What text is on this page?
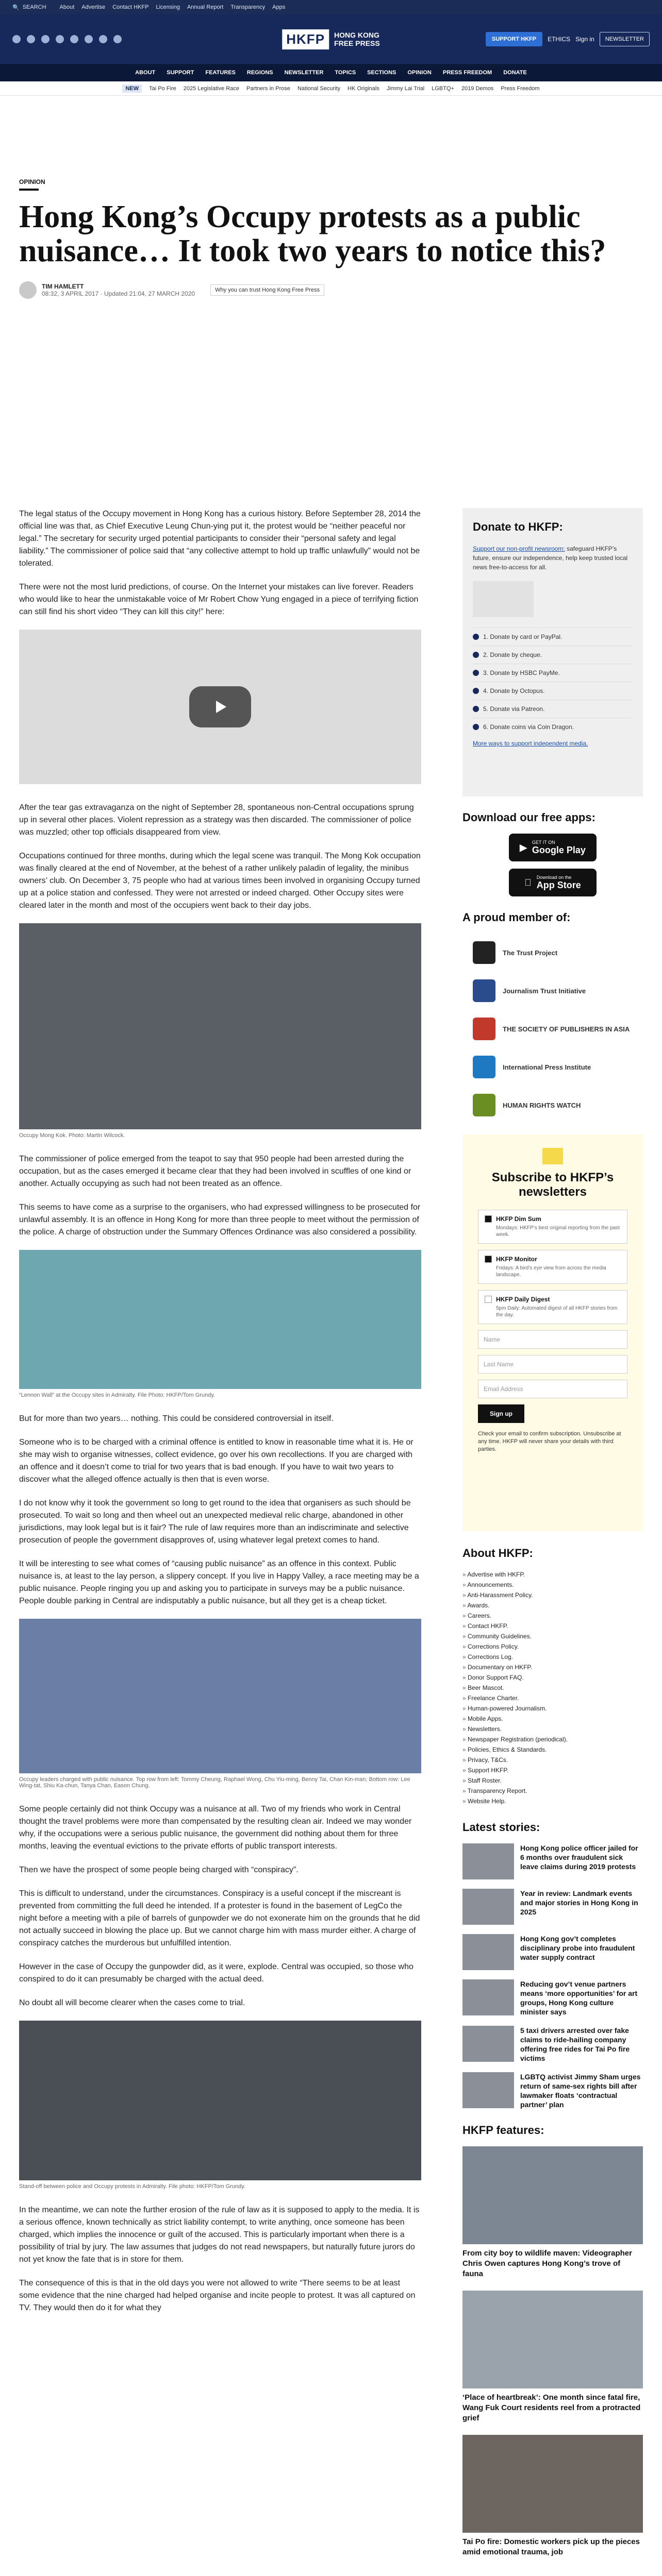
🔍 SEARCH About Advertise Contact HKFP Licensing Annual Report Transparency Apps
HKFP	HONG KONG
FREE PRESS	SUPPORT HKFP	ETHICS Sign in	NEWSLETTER
ABOUT SUPPORT FEATURES REGIONS NEWSLETTER TOPICS SECTIONS OPINION PRESS FREEDOM DONATE
NEW	Tai Po Fire 2025 Legislative Race Partners in Prose National Security HK Originals Jimmy Lai Trial LGBTQ+ 2019 Demos Press Freedom
OPINION
Hong Kong’s Occupy protests as a public nuisance… It took two years to notice this?
TIM HAMLETT
08:32, 3 APRIL 2017 · Updated 21:04, 27 MARCH 2020	Why you can trust Hong Kong Free Press

The legal status of the Occupy movement in Hong Kong has a curious history. Before September 28, 2014 the official line was that, as Chief Executive Leung Chun-ying put it, the protest would be “neither peaceful nor legal.” The secretary for security urged potential participants to consider their “personal safety and legal liability.” The commissioner of police said that “any collective attempt to hold up traffic unlawfully” would not be tolerated.

There were not the most lurid predictions, of course. On the Internet your mistakes can live forever. Readers who would like to hear the unmistakable voice of Mr Robert Chow Yung engaged in a piece of terrifying fiction can still find his short video “They can kill this city!” here:

After the tear gas extravaganza on the night of September 28, spontaneous non-Central occupations sprung up in several other places. Violent repression as a strategy was then discarded. The commissioner of police was muzzled; other top officials disappeared from view.

Occupations continued for three months, during which the legal scene was tranquil. The Mong Kok occupation was finally cleared at the end of November, at the behest of a rather unlikely paladin of legality, the minibus owners’ club. On December 3, 75 people who had at various times been involved in organising Occupy turned up at a police station and confessed. They were not arrested or indeed charged. Other Occupy sites were cleared later in the month and most of the occupiers went back to their day jobs.

Occupy Mong Kok. Photo: Martin Wilcock.

The commissioner of police emerged from the teapot to say that 950 people had been arrested during the occupation, but as the cases emerged it became clear that they had been involved in scuffles of one kind or another. Actually occupying as such had not been treated as an offence.

This seems to have come as a surprise to the organisers, who had expressed willingness to be prosecuted for unlawful assembly. It is an offence in Hong Kong for more than three people to meet without the permission of the police. A charge of obstruction under the Summary Offences Ordinance was also considered a possibility.

“Lennon Wall” at the Occupy sites in Admiralty. File Photo: HKFP/Tom Grundy.

But for more than two years… nothing. This could be considered controversial in itself.

Someone who is to be charged with a criminal offence is entitled to know in reasonable time what it is. He or she may wish to organise witnesses, collect evidence, go over his own recollections. If you are charged with an offence and it doesn’t come to trial for two years that is bad enough. If you have to wait two years to discover what the alleged offence actually is then that is even worse.

I do not know why it took the government so long to get round to the idea that organisers as such should be prosecuted. To wait so long and then wheel out an unexpected medieval relic charge, abandoned in other jurisdictions, may look legal but is it fair? The rule of law requires more than an indiscriminate and selective prosecution of people the government disapproves of, using whatever legal pretext comes to hand.

It will be interesting to see what comes of “causing public nuisance” as an offence in this context. Public nuisance is, at least to the lay person, a slippery concept. If you live in Happy Valley, a race meeting may be a public nuisance. People ringing you up and asking you to participate in surveys may be a public nuisance. People double parking in Central are indisputably a public nuisance, but all they get is a cheap ticket.

Occupy leaders charged with public nuisance. Top row from left: Tommy Cheung, Raphael Wong, Chu Yiu-ming, Benny Tai, Chan Kin-man; Bottom row: Lee Wing-tat, Shiu Ka-chun, Tanya Chan, Eason Chung.

Some people certainly did not think Occupy was a nuisance at all. Two of my friends who work in Central thought the travel problems were more than compensated by the resulting clean air. Indeed we may wonder why, if the occupations were a serious public nuisance, the government did nothing about them for three months, leaving the eventual evictions to the private efforts of public transport interests.

Then we have the prospect of some people being charged with “conspiracy”.

This is difficult to understand, under the circumstances. Conspiracy is a useful concept if the miscreant is prevented from committing the full deed he intended. If a protester is found in the basement of LegCo the night before a meeting with a pile of barrels of gunpowder we do not exonerate him on the grounds that he did not actually succeed in blowing the place up. But we cannot charge him with mass murder either. A charge of conspiracy catches the murderous but unfulfilled intention.

However in the case of Occupy the gunpowder did, as it were, explode. Central was occupied, so those who conspired to do it can presumably be charged with the actual deed.

No doubt all will become clearer when the cases come to trial.

Stand-off between police and Occupy protests in Admiralty. File photo: HKFP/Tom Grundy.

In the meantime, we can note the further erosion of the rule of law as it is supposed to apply to the media. It is a serious offence, known technically as strict liability contempt, to write anything, once someone has been charged, which implies the innocence or guilt of the accused. This is particularly important when there is a possibility of trial by jury. The law assumes that judges do not read newspapers, but naturally future jurors do not yet know the fate that is in store for them.

The consequence of this is that in the old days you were not allowed to write “There seems to be at least some evidence that the nine charged had helped organise and incite people to protest. It was all captured on TV. They would then do it for what they

Donate to HKFP:
Support our non-profit newsroom: safeguard HKFP’s future, ensure our independence, help keep trusted local news free-to-access for all.
1. Donate by card or PayPal.
2. Donate by cheque.
3. Donate by HSBC PayMe.
4. Donate by Octopus.
5. Donate via Patreon.
6. Donate coins via Coin Dragon.
More ways to support independent media.
Download our free apps:
▶ GET IT ON
Google Play
Download on the
App Store
A proud member of:
The Trust Project
Journalism Trust Initiative
THE SOCIETY OF PUBLISHERS IN ASIA
International Press Institute
HUMAN RIGHTS WATCH
Subscribe to HKFP’s newsletters
HKFP Dim Sum
Mondays: HKFP’s best original reporting from the past week.
HKFP Monitor
Fridays: A bird’s eye view from across the media landscape.
HKFP Daily Digest
5pm Daily: Automated digest of all HKFP stories from the day.
Name
Last Name
Email Address
Sign up
Check your email to confirm subscription. Unsubscribe at any time. HKFP will never share your details with third parties.
About HKFP:
» Advertise with HKFP.
» Announcements.
» Anti-Harassment Policy.
» Awards.
» Careers.
» Contact HKFP.
» Community Guidelines.
» Corrections Policy.
» Corrections Log.
» Documentary on HKFP.
» Donor Support FAQ.
» Beer Mascot.
» Freelance Charter.
» Human-powered Journalism.
» Mobile Apps.
» Newsletters.
» Newspaper Registration (periodical).
» Policies, Ethics & Standards.
» Privacy, T&Cs.
» Support HKFP.
» Staff Roster.
» Transparency Report.
» Website Help.
Latest stories:
Hong Kong police officer jailed for 6 months over fraudulent sick leave claims during 2019 protests
Year in review: Landmark events and major stories in Hong Kong in 2025
Hong Kong gov’t completes disciplinary probe into fraudulent water supply contract
Reducing gov’t venue partners means ‘more opportunities’ for art groups, Hong Kong culture minister says
5 taxi drivers arrested over fake claims to ride-hailing company offering free rides for Tai Po fire victims
LGBTQ activist Jimmy Sham urges return of same-sex rights bill after lawmaker floats ‘contractual partner’ plan
HKFP features:
From city boy to wildlife maven: Videographer Chris Owen captures Hong Kong’s trove of fauna
‘Place of heartbreak’: One month since fatal fire, Wang Fuk Court residents reel from a protracted grief
Tai Po fire: Domestic workers pick up the pieces amid emotional trauma, job
